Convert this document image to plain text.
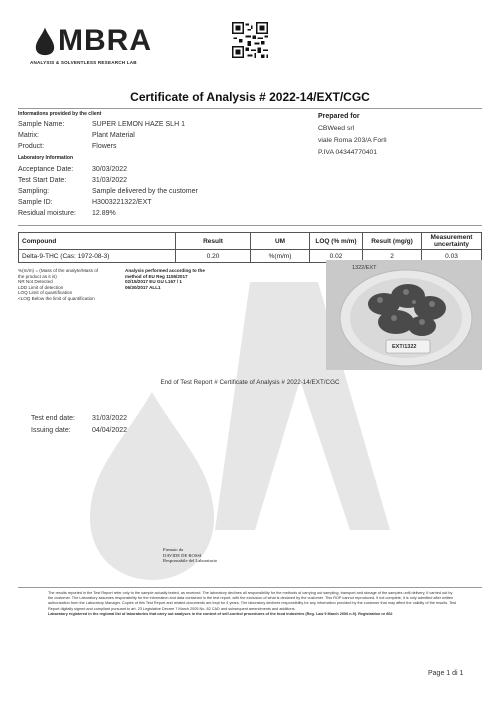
MBRA
ANALYSIS & SOLVENTLESS RESEARCH LAB
Certificate of Analysis # 2022-14/EXT/CGC
Informations provided by the client
Sample Name:	SUPER LEMON HAZE SLH 1
Matrix:	Plant Material
Product:	Flowers
Laboratory Information
Acceptance Date:	30/03/2022
Test Start Date:	31/03/2022
Sampling:	Sample delivered by the customer
Sample ID:	H3003221322/EXT
Residual moisture: 12.89%
Prepared for
CBWeed srl
viale Roma 203/A Forlì
P.IVA 04344770401
Compound	Result	UM	LOQ (% m/m)	Result (mg/g)	Measurement uncertainty
Delta-9-THC (Cas: 1972-08-3)	0.20	%(m/m)	0.02	2	0.03
%(m/m) = (Mass of the analyte/Mass of
the product as it is)
NR Not Detected
LDD Limit of detection
LOQ Limit of quantification
<LOQ Below the limit of quantification
Analysis performed according to the
method of EU Reg 1155/2017
02/15/2017 EU GU L167 / 1
06/30/2017 ALL1
1322/EXT
EXT/1322
End of Test Report # Certificate of Analysis # 2022-14/EXT/CGC
Test end date: 31/03/2022
Issuing date:	04/04/2022
Firmato da
DAVIDE DE ROSSI
Responsabile del Laboratorio
The results reported in the Test Report refer only to the sample actually tested, as received. The laboratory declines all responsibility for the methods of carrying out sampling, transport and storage of the samples until delivery, if carried out by the customer. The Laboratory assumes responsibility for the information and data contained in the test report, with the exclusion of what is declared by the customer. This ROP cannot reproduced, if not complete, it is only admitted after written authorization from the Laboratory Manager. Copies of this Test Report and related documents are kept for 4 years. The laboratory declines responsibility for any information provided by the customer that may affect the validity of the results. Test Report digitally signed and compliant pursuant to art. 23 Legislative Decree 7 March 2005 No. 82 CAD and subsequent amendments and additions.
Laboratory registered in the regional list of laboratories that carry out analyses in the context of self-control procedures of the food industries (Reg. Law 9 March 2006 n.9). Registration nr 862
Page 1 di 1
